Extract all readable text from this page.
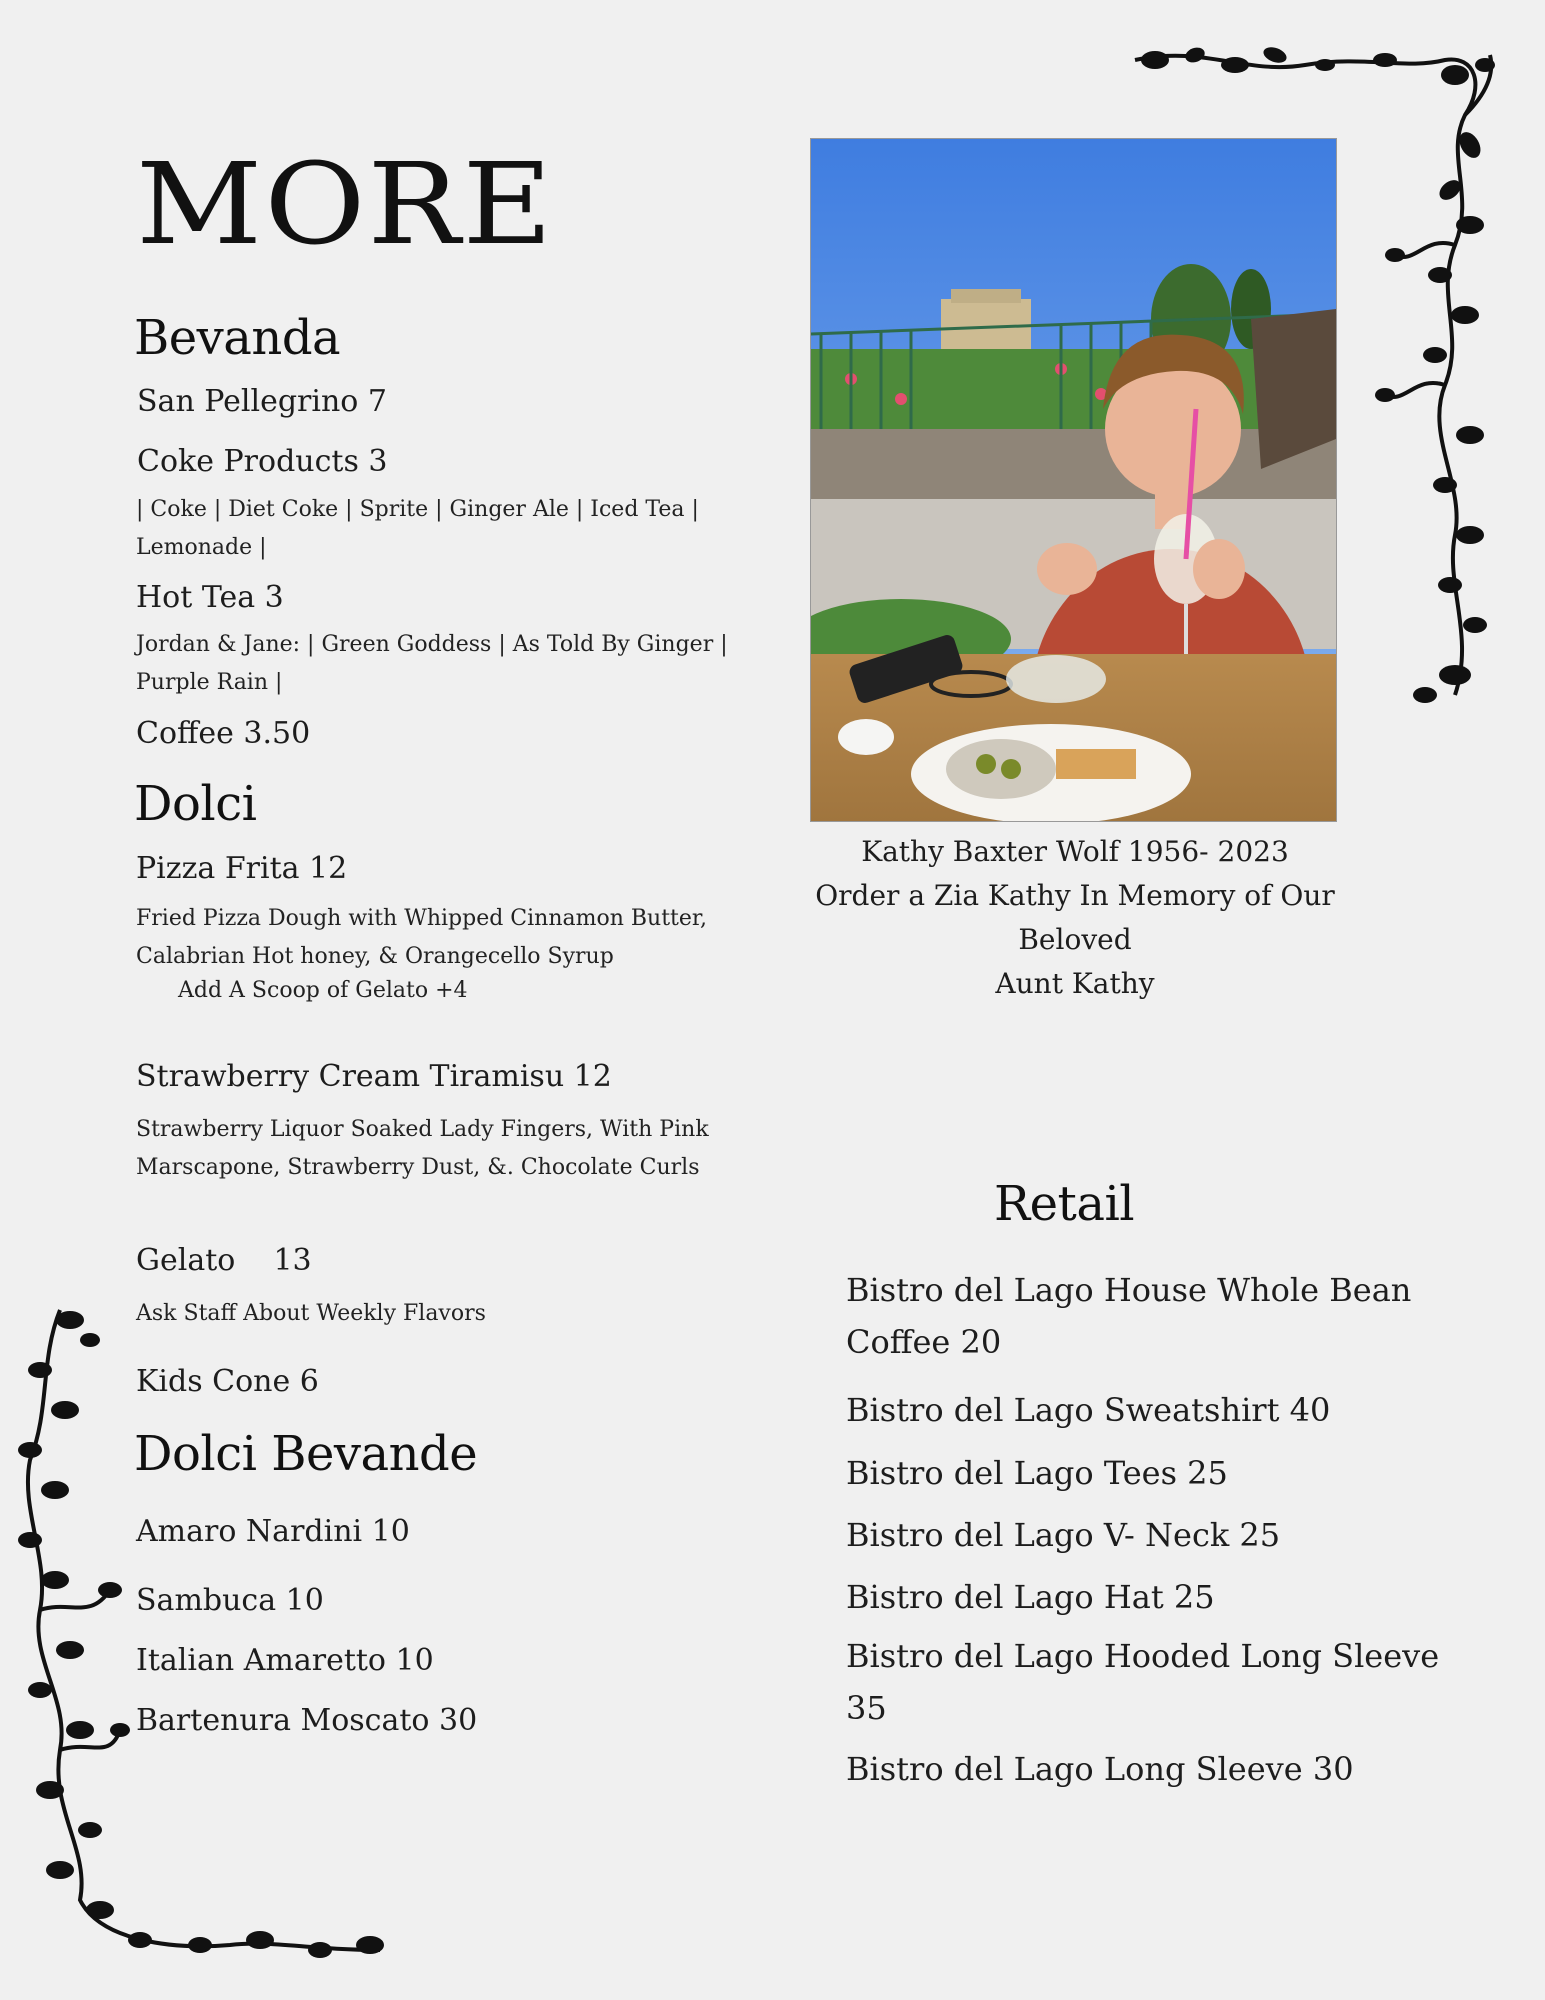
MORE
Bevanda
San Pellegrino 7
Coke Products 3
| Coke | Diet Coke | Sprite | Ginger Ale | Iced Tea |
Lemonade |
Hot Tea 3
Jordan & Jane: | Green Goddess | As Told By Ginger |
Purple Rain |
Coffee 3.50
Dolci
Pizza Frita 12
Fried Pizza Dough with Whipped Cinnamon Butter,
Calabrian Hot honey, & Orangecello Syrup
Add A Scoop of Gelato +4
Strawberry Cream Tiramisu 12
Strawberry Liquor Soaked Lady Fingers, With Pink
Marscapone, Strawberry Dust, &. Chocolate Curls
Gelato    13
Ask Staff About Weekly Flavors
Kids Cone 6
Dolci Bevande
Amaro Nardini 10
Sambuca 10
Italian Amaretto 10
Bartenura Moscato 30
Kathy Baxter Wolf 1956- 2023
Order a Zia Kathy In Memory of Our Beloved
Aunt Kathy
Retail
Bistro del Lago House Whole Bean
Coffee 20
Bistro del Lago Sweatshirt 40
Bistro del Lago Tees 25
Bistro del Lago V- Neck 25
Bistro del Lago Hat 25
Bistro del Lago Hooded Long Sleeve
35
Bistro del Lago Long Sleeve 30
